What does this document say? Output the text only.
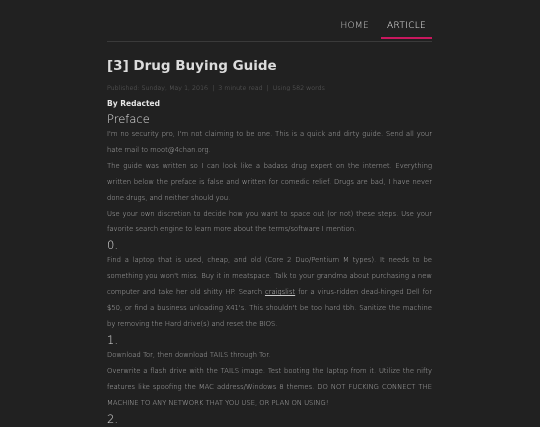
HOME	ARTICLE
[3] Drug Buying Guide
Published: Sunday, May 1, 2016 | 3 minute read | Using 582 words
By Redacted
Preface

I'm no security pro, I'm not claiming to be one. This is a quick and dirty guide. Send all your hate mail to moot@4chan.org.

The guide was written so I can look like a badass drug expert on the internet. Everything written below the preface is false and written for comedic relief. Drugs are bad, I have never done drugs, and neither should you.

Use your own discretion to decide how you want to space out (or not) these steps. Use your favorite search engine to learn more about the terms/software I mention.

0.

Find a laptop that is used, cheap, and old (Core 2 Duo/Pentium M types). It needs to be something you won't miss. Buy it in meatspace. Talk to your grandma about purchasing a new computer and take her old shitty HP. Search craigslist for a virus-ridden dead-hinged Dell for $50, or find a business unloading X41's. This shouldn't be too hard tbh. Sanitize the machine by removing the Hard drive(s) and reset the BIOS.

1.

Download Tor, then download TAILS through Tor.

Overwrite a flash drive with the TAILS image. Test booting the laptop from it. Utilize the nifty features like spoofing the MAC address/Windows 8 themes. DO NOT FUCKING CONNECT THE MACHINE TO ANY NETWORK THAT YOU USE, OR PLAN ON USING!

2.
